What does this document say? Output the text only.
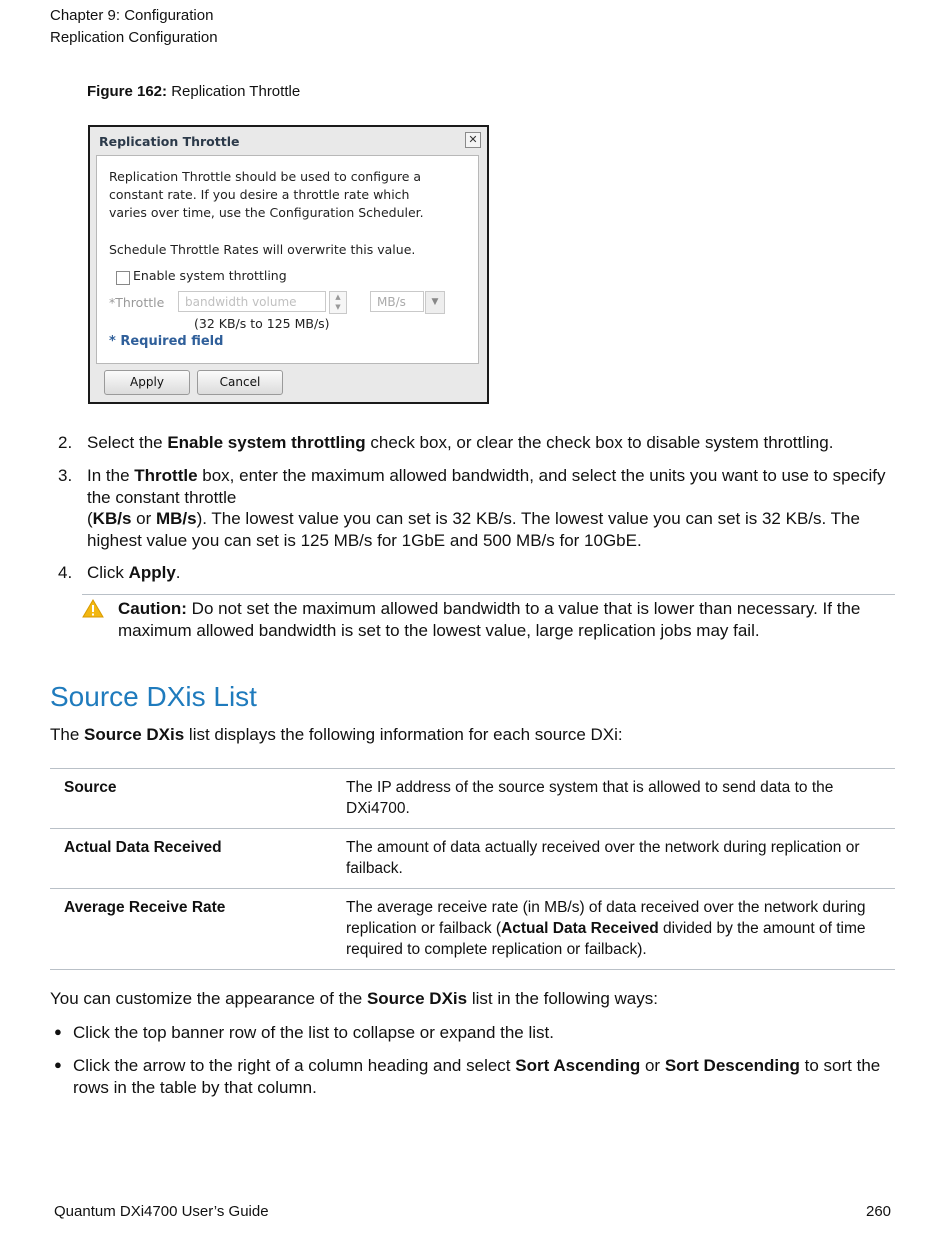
Chapter 9: Configuration
Replication Configuration
Figure 162: Replication Throttle
Replication Throttle	✕
Replication Throttle should be used to configure a
constant rate. If you desire a throttle rate which
varies over time, use the Configuration Scheduler.
Schedule Throttle Rates will overwrite this value.
Enable system throttling
*Throttle	bandwidth volume	▲
▼	MB/s	▼
(32 KB/s to 125 MB/s)
* Required field
Apply	Cancel
2. Select the Enable system throttling check box, or clear the check box to disable system throttling.
3. In the Throttle box, enter the maximum allowed bandwidth, and select the units you want to use to specify the constant throttle
(KB/s or MB/s). The lowest value you can set is 32 KB/s. The lowest value you can set is 32 KB/s. The highest value you can set is 125 MB/s for 1GbE and 500 MB/s for 10GbE.
4. Click Apply.
Caution: Do not set the maximum allowed bandwidth to a value that is lower than necessary. If the maximum allowed bandwidth is set to the lowest value, large replication jobs may fail.
Source DXis List
The Source DXis list displays the following information for each source DXi:
Source	The IP address of the source system that is allowed to send data to the DXi4700.
Actual Data Received	The amount of data actually received over the network during replication or failback.
Average Receive Rate	The average receive rate (in MB/s) of data received over the network during replication or failback (Actual Data Received divided by the amount of time required to complete replication or failback).
You can customize the appearance of the Source DXis list in the following ways:
● Click the top banner row of the list to collapse or expand the list.
● Click the arrow to the right of a column heading and select Sort Ascending or Sort Descending to sort the rows in the table by that column.
Quantum DXi4700 User’s Guide	260
